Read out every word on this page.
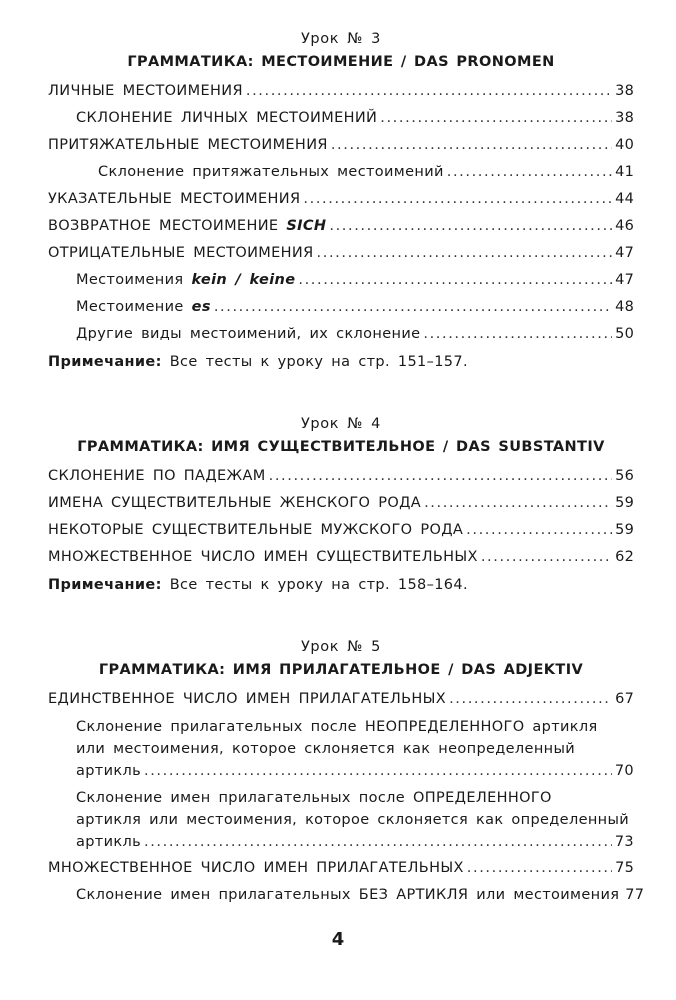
Урок № 3
ГРАММАТИКА: МЕСТОИМЕНИЕ / DAS PRONOMEN
ЛИЧНЫЕ МЕСТОИМЕНИЯ .....	38
СКЛОНЕНИЕ ЛИЧНЫХ МЕСТОИМЕНИЙ .....	38
ПРИТЯЖАТЕЛЬНЫЕ МЕСТОИМЕНИЯ .....	40
Склонение притяжательных местоимений .....	41
УКАЗАТЕЛЬНЫЕ МЕСТОИМЕНИЯ .....	44
ВОЗВРАТНОЕ МЕСТОИМЕНИЕ SICH .....	46
ОТРИЦАТЕЛЬНЫЕ МЕСТОИМЕНИЯ .....	47
Местоимения kein / keine .....	47
Местоимение es .....	48
Другие виды местоимений, их склонение .....	50
Примечание: Все тесты к уроку на стр. 151–157.
Урок № 4
ГРАММАТИКА: ИМЯ СУЩЕСТВИТЕЛЬНОЕ / DAS SUBSTANTIV
СКЛОНЕНИЕ ПО ПАДЕЖАМ .....	56
ИМЕНА СУЩЕСТВИТЕЛЬНЫЕ ЖЕНСКОГО РОДА .....	59
НЕКОТОРЫЕ СУЩЕСТВИТЕЛЬНЫЕ МУЖСКОГО РОДА .....	59
МНОЖЕСТВЕННОЕ ЧИСЛО ИМЕН СУЩЕСТВИТЕЛЬНЫХ .....	62
Примечание: Все тесты к уроку на стр. 158–164.
Урок № 5
ГРАММАТИКА: ИМЯ ПРИЛАГАТЕЛЬНОЕ / DAS ADJEKTIV
ЕДИНСТВЕННОЕ ЧИСЛО ИМЕН ПРИЛАГАТЕЛЬНЫХ .....	67
Склонение прилагательных после НЕОПРЕДЕЛЕННОГО артикля
или местоимения, которое склоняется как неопределенный
артикль .....	70
Склонение имен прилагательных после ОПРЕДЕЛЕННОГО
артикля или местоимения, которое склоняется как определенный
артикль .....	73
МНОЖЕСТВЕННОЕ ЧИСЛО ИМЕН ПРИЛАГАТЕЛЬНЫХ .....	75
Склонение имен прилагательных БЕЗ АРТИКЛЯ или местоимения 77
4
